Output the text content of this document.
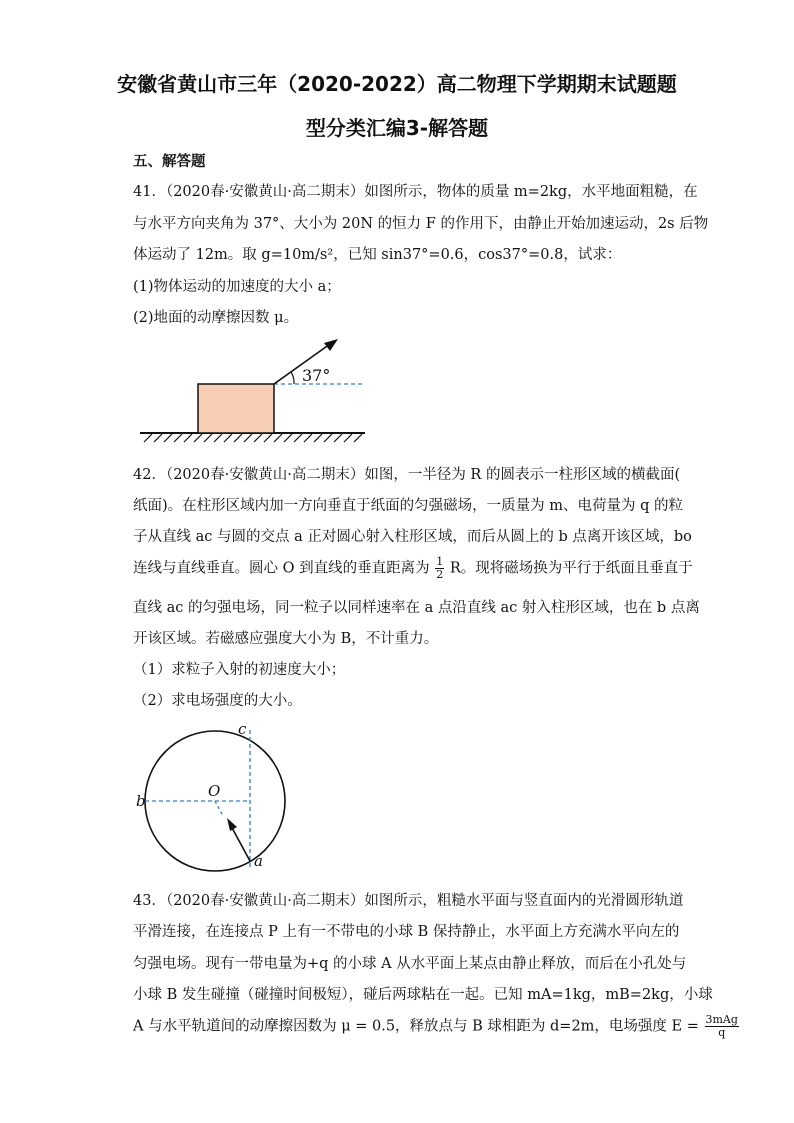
安徽省黄山市三年（2020-2022）高二物理下学期期末试题题
型分类汇编3-解答题
五、解答题
41．（2020春·安徽黄山·高二期末）如图所示，物体的质量 m=2kg，水平地面粗糙，在
与水平方向夹角为 37°、大小为 20N 的恒力 F 的作用下，由静止开始加速运动，2s 后物
体运动了 12m。取 g=10m/s²，已知 sin37°=0.6，cos37°=0.8，试求：
(1)物体运动的加速度的大小 a；
(2)地面的动摩擦因数 μ。
37°
42．（2020春·安徽黄山·高二期末）如图，一半径为 R 的圆表示一柱形区域的横截面(
纸面)。在柱形区域内加一方向垂直于纸面的匀强磁场，一质量为 m、电荷量为 q 的粒
子从直线 ac 与圆的交点 a 正对圆心射入柱形区域，而后从圆上的 b 点离开该区域，bo
连线与直线垂直。圆心 O 到直线的垂直距离为 $\frac{1}{2}$ R。现将磁场换为平行于纸面且垂直于
直线 ac 的匀强电场，同一粒子以同样速率在 a 点沿直线 ac 射入柱形区域，也在 b 点离
开该区域。若磁感应强度大小为 B，不计重力。
（1）求粒子入射的初速度大小；
（2）求电场强度的大小。
c
b
O
a
43．（2020春·安徽黄山·高二期末）如图所示，粗糙水平面与竖直面内的光滑圆形轨道
平滑连接，在连接点 P 上有一不带电的小球 B 保持静止，水平面上方充满水平向左的
匀强电场。现有一带电量为+q 的小球 A 从水平面上某点由静止释放，而后在小孔处与
小球 B 发生碰撞（碰撞时间极短），碰后两球粘在一起。已知 mA=1kg，mB=2kg，小球
A 与水平轨道间的动摩擦因数为 μ = 0.5，释放点与 B 球相距为 d=2m，电场强度 $E = \frac{\text{3mAg}}{q}$
